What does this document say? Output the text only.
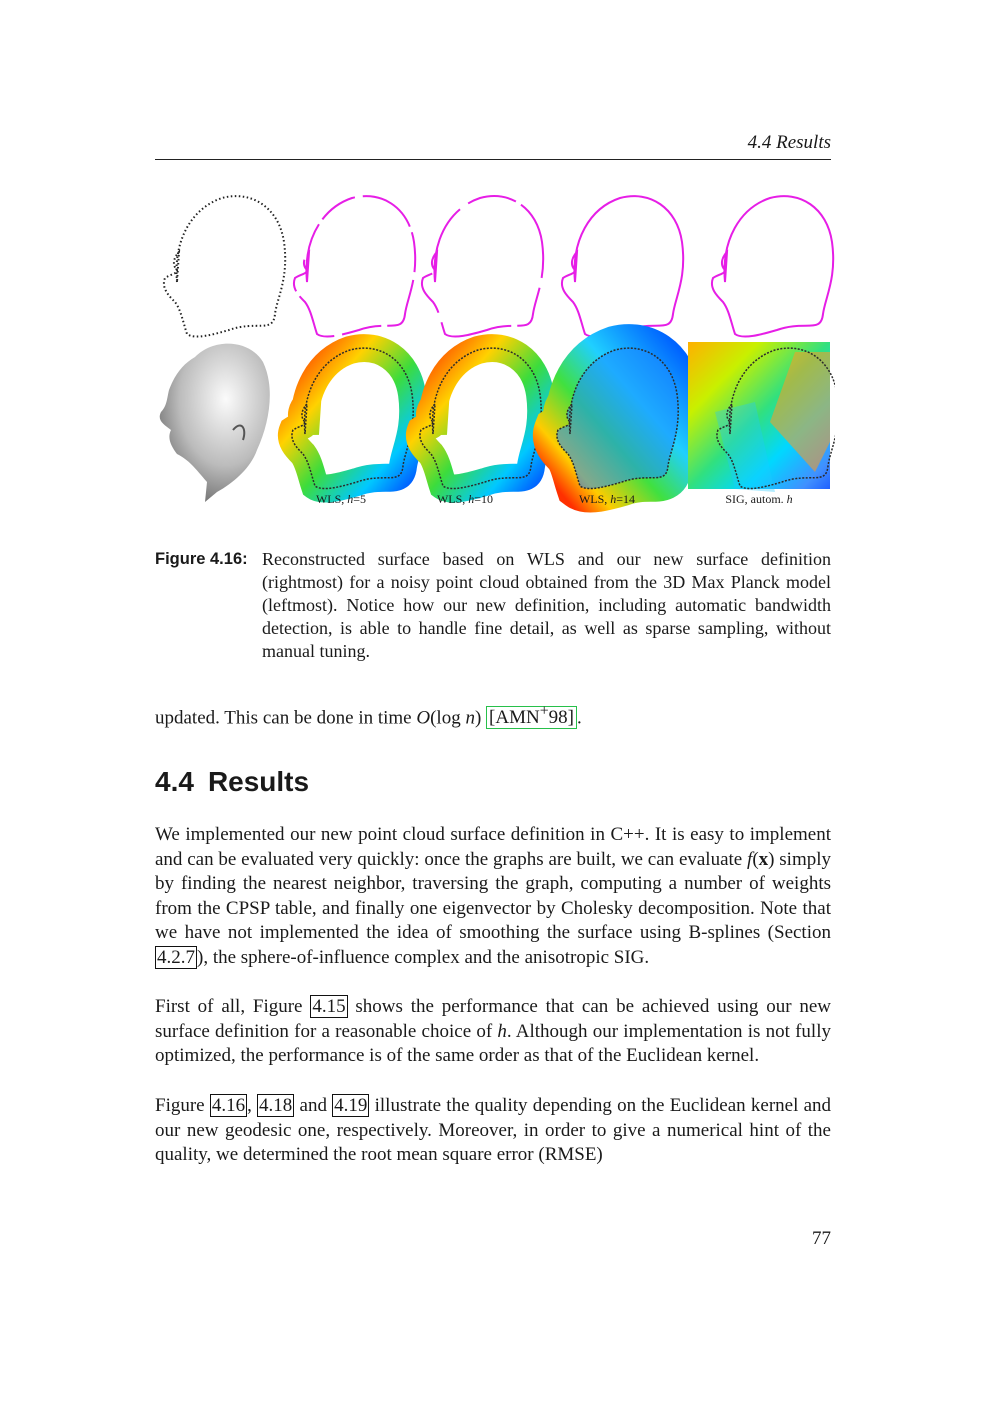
4.4 Results
WLS, h=5	WLS, h=10	WLS, h=14	SIG, autom. h
Figure 4.16: Reconstructed surface based on WLS and our new surface definition (rightmost) for a noisy point cloud obtained from the 3D Max Planck model (leftmost). Notice how our new definition, including automatic bandwidth detection, is able to handle fine detail, as well as sparse sampling, without manual tuning.
updated. This can be done in time O(log n) [AMN+98] .
4.4 Results
We implemented our new point cloud surface definition in C++. It is easy to implement and can be evaluated very quickly: once the graphs are built, we can evaluate f(x) simply by finding the nearest neighbor, traversing the graph, computing a number of weights from the CPSP table, and finally one eigenvector by Cholesky decomposition. Note that we have not implemented the idea of smoothing the surface using B-splines (Section 4.2.7 ), the sphere-of-influence complex and the anisotropic SIG.
First of all, Figure 4.15 shows the performance that can be achieved using our new surface definition for a reasonable choice of h. Although our implementation is not fully optimized, the performance is of the same order as that of the Euclidean kernel.
Figure 4.16 , 4.18 and 4.19 illustrate the quality depending on the Euclidean kernel and our new geodesic one, respectively. Moreover, in order to give a numerical hint of the quality, we determined the root mean square error (RMSE)
77
